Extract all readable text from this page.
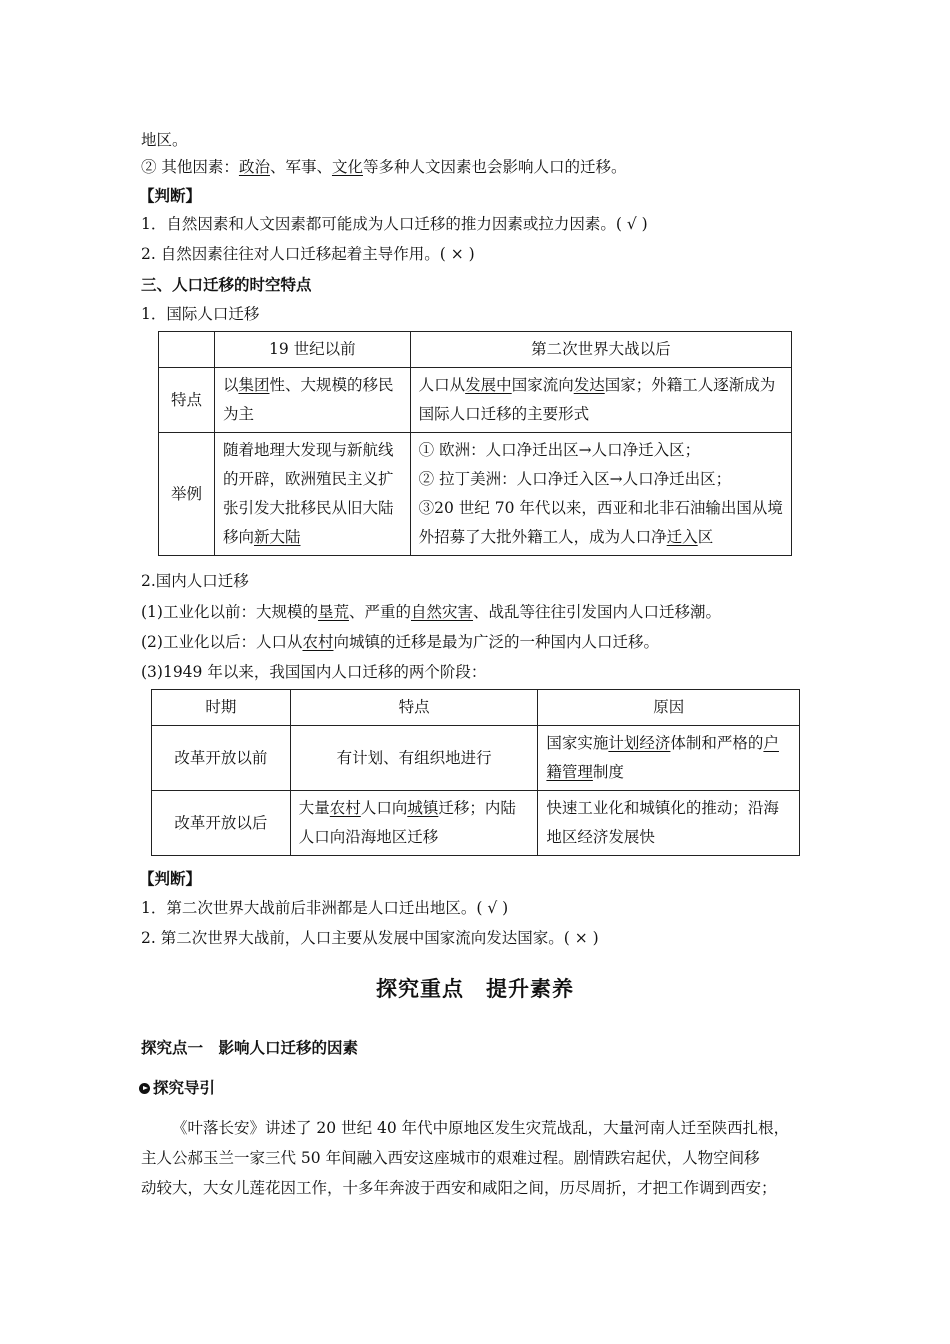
地区。
② 其他因素：政治、军事、文化等多种人文因素也会影响人口的迁移。
【判断】
1．自然因素和人文因素都可能成为人口迁移的推力因素或拉力因素。( √ )
2. 自然因素往往对人口迁移起着主导作用。( × )
三、人口迁移的时空特点
1．国际人口迁移
	19 世纪以前	第二次世界大战以后
特点	以集团性、大规模的移民为主	人口从发展中国家流向发达国家；外籍工人逐渐成为国际人口迁移的主要形式
举例	随着地理大发现与新航线的开辟，欧洲殖民主义扩张引发大批移民从旧大陆移向新大陆	① 欧洲：人口净迁出区→人口净迁入区；
② 拉丁美洲：人口净迁入区→人口净迁出区；
③20 世纪 70 年代以来，西亚和北非石油输出国从境外招募了大批外籍工人，成为人口净迁入区
2.国内人口迁移
(1)工业化以前：大规模的垦荒、严重的自然灾害、战乱等往往引发国内人口迁移潮。
(2)工业化以后：人口从农村向城镇的迁移是最为广泛的一种国内人口迁移。
(3)1949 年以来，我国国内人口迁移的两个阶段：
时期	特点	原因
改革开放以前	有计划、有组织地进行	国家实施计划经济体制和严格的户籍管理制度
改革开放以后	大量农村人口向城镇迁移；内陆人口向沿海地区迁移	快速工业化和城镇化的推动；沿海地区经济发展快
【判断】
1．第二次世界大战前后非洲都是人口迁出地区。( √ )
2. 第二次世界大战前，人口主要从发展中国家流向发达国家。( × )
探究重点　提升素养
探究点一　影响人口迁移的因素
探究导引
《叶落长安》讲述了 20 世纪 40 年代中原地区发生灾荒战乱，大量河南人迁至陕西扎根，
主人公郝玉兰一家三代 50 年间融入西安这座城市的艰难过程。剧情跌宕起伏，人物空间移
动较大，大女儿莲花因工作，十多年奔波于西安和咸阳之间，历尽周折，才把工作调到西安；
